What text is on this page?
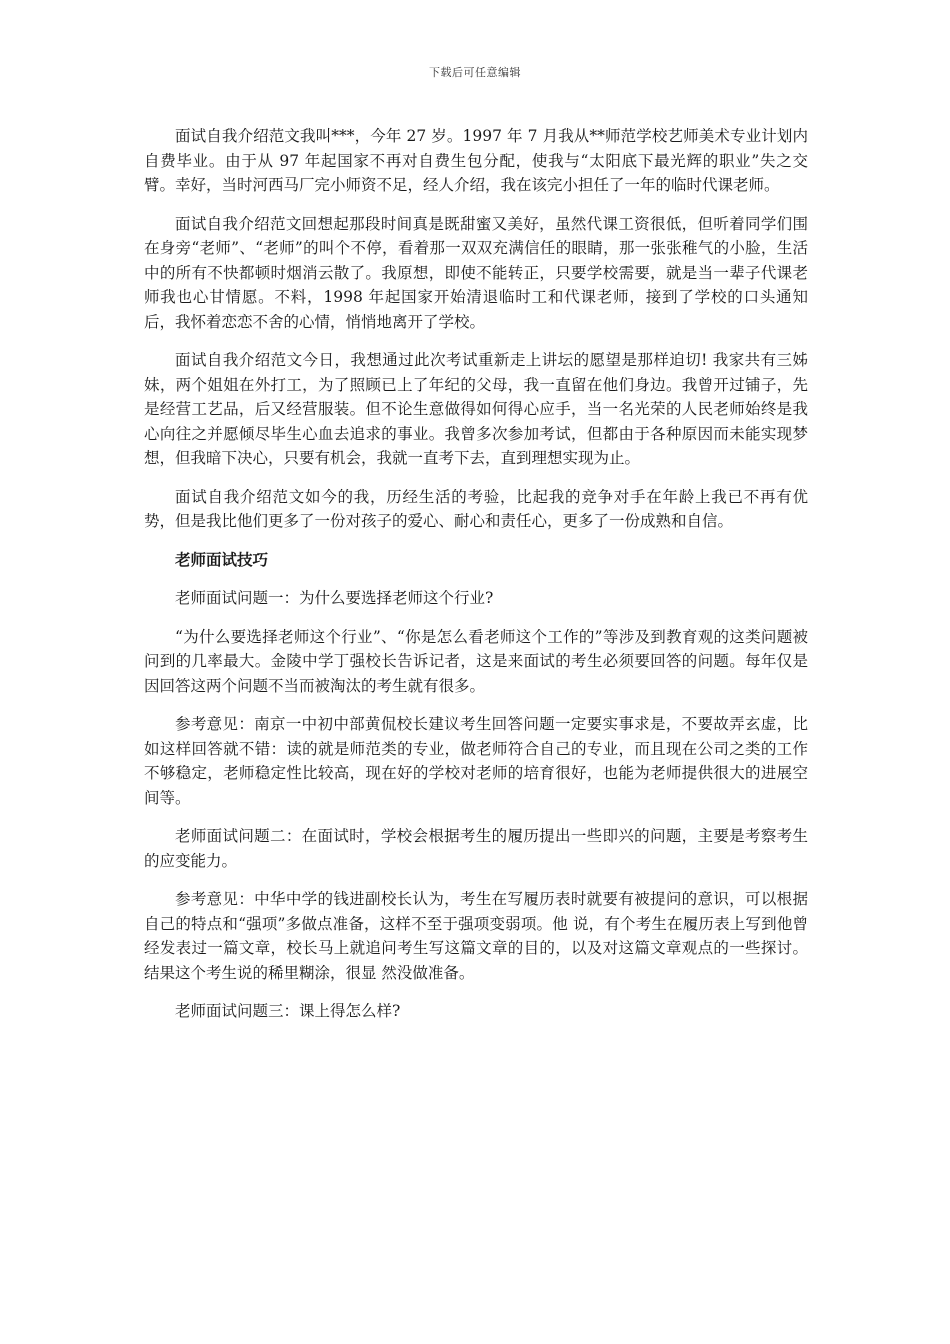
下载后可任意编辑

面试自我介绍范文我叫***，今年 27 岁。1997 年 7 月我从**师范学校艺师美术专业计划内自费毕业。由于从 97 年起国家不再对自费生包分配，使我与“太阳底下最光辉的职业”失之交臂。幸好，当时河西马厂完小师资不足，经人介绍，我在该完小担任了一年的临时代课老师。

面试自我介绍范文回想起那段时间真是既甜蜜又美好，虽然代课工资很低，但听着同学们围 在身旁“老师”、“老师”的叫个不停，看着那一双双充满信任的眼睛，那一张张稚气的小脸，生活中的所有不快都顿时烟消云散了。我原想，即使不能转正，只要学校需要，就是当一辈子代课老师我也心甘情愿。不料，1998 年起国家开始清退临时工和代课老师，接到了学校的口头通知后，我怀着恋恋不舍的心情，悄悄地离开了学校。

面试自我介绍范文今日，我想通过此次考试重新走上讲坛的愿望是那样迫切! 我家共有三姊 妹，两个姐姐在外打工，为了照顾已上了年纪的父母，我一直留在他们身边。我曾开过铺子，先是经营工艺品，后又经营服装。但不论生意做得如何得心应手，当一名光荣的人民老师始终是我心向往之并愿倾尽毕生心血去追求的事业。我曾多次参加考试，但都由于各种原因而未能实现梦想，但我暗下决心，只要有机会，我就一直考下去，直到理想实现为止。

面试自我介绍范文如今的我，历经生活的考验，比起我的竞争对手在年龄上我已不再有优势，但是我比他们更多了一份对孩子的爱心、耐心和责任心，更多了一份成熟和自信。

老师面试技巧

老师面试问题一：为什么要选择老师这个行业?

“为什么要选择老师这个行业”、“你是怎么看老师这个工作的”等涉及到教育观的这类问题被问到的几率最大。金陵中学丁强校长告诉记者，这是来面试的考生必须要回答的问题。每年仅是因回答这两个问题不当而被淘汰的考生就有很多。

参考意见：南京一中初中部黄侃校长建议考生回答问题一定要实事求是，不要故弄玄虚，比如这样回答就不错：读的就是师范类的专业，做老师符合自己的专业，而且现在公司之类的工作不够稳定，老师稳定性比较高，现在好的学校对老师的培育很好，也能为老师提供很大的进展空间等。

老师面试问题二：在面试时，学校会根据考生的履历提出一些即兴的问题，主要是考察考生的应变能力。

参考意见：中华中学的钱进副校长认为，考生在写履历表时就要有被提问的意识，可以根据 自己的特点和“强项”多做点准备，这样不至于强项变弱项。他 说，有个考生在履历表上写到他曾经发表过一篇文章，校长马上就追问考生写这篇文章的目的，以及对这篇文章观点的一些探讨。结果这个考生说的稀里糊涂，很显 然没做准备。

老师面试问题三：课上得怎么样?
